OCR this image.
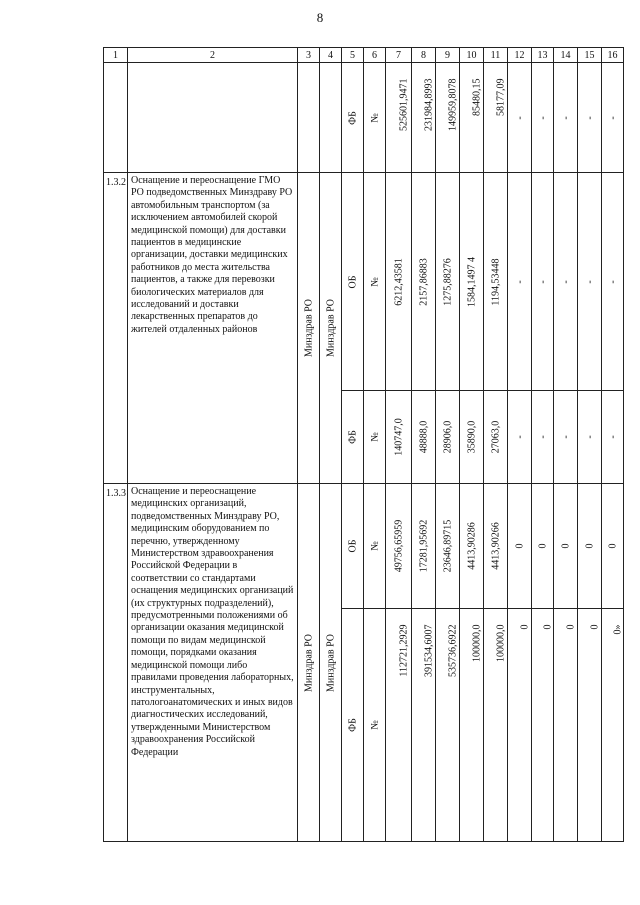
8
1	2	3	4	5	6	7	8	9	10	11	12	13	14	15	16

				ФБ	№	525601,9471	231984,8993	149959,8078	85480,15	58177,09	-	-	-	-	-

1.3.2	Оснащение и переоснащение ГМО РО подведомственных Минздраву РО автомобильным транспортом (за исключением автомобилей скорой медицинской помощи) для доставки пациентов в медицинские организации, доставки медицинских работников до места жительства пациентов, а также для перевозки биологических материалов для исследований и доставки лекарственных препаратов до жителей отдаленных районов	Минздрав РО	Минздрав РО	ОБ	№	6212,43581	2157,86883	1275,88276	1584,1497 4	1194,53448	-	-	-	-	-

				ФБ	№	140747,0	48888,0	28906,0	35890,0	27063,0	-	-	-	-	-

1.3.3	Оснащение и переоснащение медицинских организаций, подведомственных Минздраву РО, медицинским оборудованием по перечню, утвержденному Министерством здравоохранения Российской Федерации в соответствии со стандартами оснащения медицинских организаций (их структурных подразделений), предусмотренными положениями об организации оказания медицинской помощи по видам медицинской помощи, порядками оказания медицинской помощи либо правилами проведения лабораторных, инструментальных, патологоанатомических и иных видов диагностических исследований, утвержденными Министерством здравоохранения Российской Федерации	Минздрав РО	Минздрав РО	ОБ	№	49756,65959	17281,95692	23646,89715	4413,90286	4413,90266	0	0	0	0	0

				ФБ	№	112721,2929	391534,6007	535736,6922	100000,0	100000,0	0	0	0	0	0»
